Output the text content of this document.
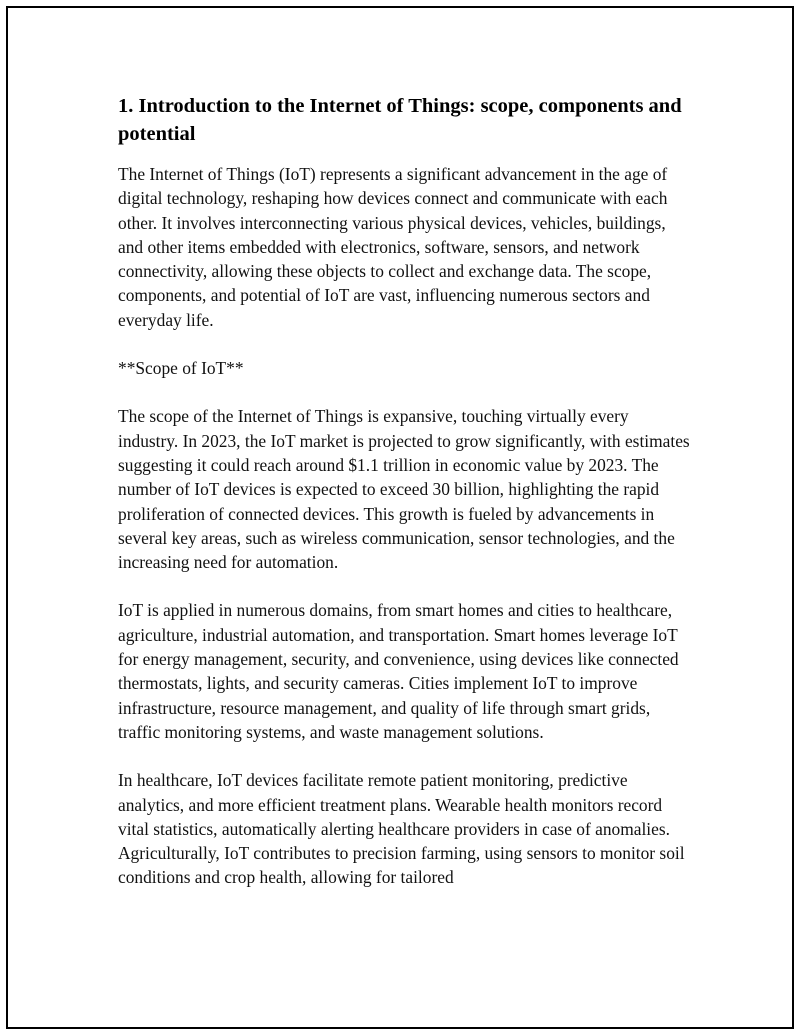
1. Introduction to the Internet of Things: scope, components and potential

The Internet of Things (IoT) represents a significant advancement in the age of digital technology, reshaping how devices connect and communicate with each other. It involves interconnecting various physical devices, vehicles, buildings, and other items embedded with electronics, software, sensors, and network connectivity, allowing these objects to collect and exchange data. The scope, components, and potential of IoT are vast, influencing numerous sectors and everyday life.

**Scope of IoT**

The scope of the Internet of Things is expansive, touching virtually every industry. In 2023, the IoT market is projected to grow significantly, with estimates suggesting it could reach around $1.1 trillion in economic value by 2023. The number of IoT devices is expected to exceed 30 billion, highlighting the rapid proliferation of connected devices. This growth is fueled by advancements in several key areas, such as wireless communication, sensor technologies, and the increasing need for automation.

IoT is applied in numerous domains, from smart homes and cities to healthcare, agriculture, industrial automation, and transportation. Smart homes leverage IoT for energy management, security, and convenience, using devices like connected thermostats, lights, and security cameras. Cities implement IoT to improve infrastructure, resource management, and quality of life through smart grids, traffic monitoring systems, and waste management solutions.

In healthcare, IoT devices facilitate remote patient monitoring, predictive analytics, and more efficient treatment plans. Wearable health monitors record vital statistics, automatically alerting healthcare providers in case of anomalies. Agriculturally, IoT contributes to precision farming, using sensors to monitor soil conditions and crop health, allowing for tailored
